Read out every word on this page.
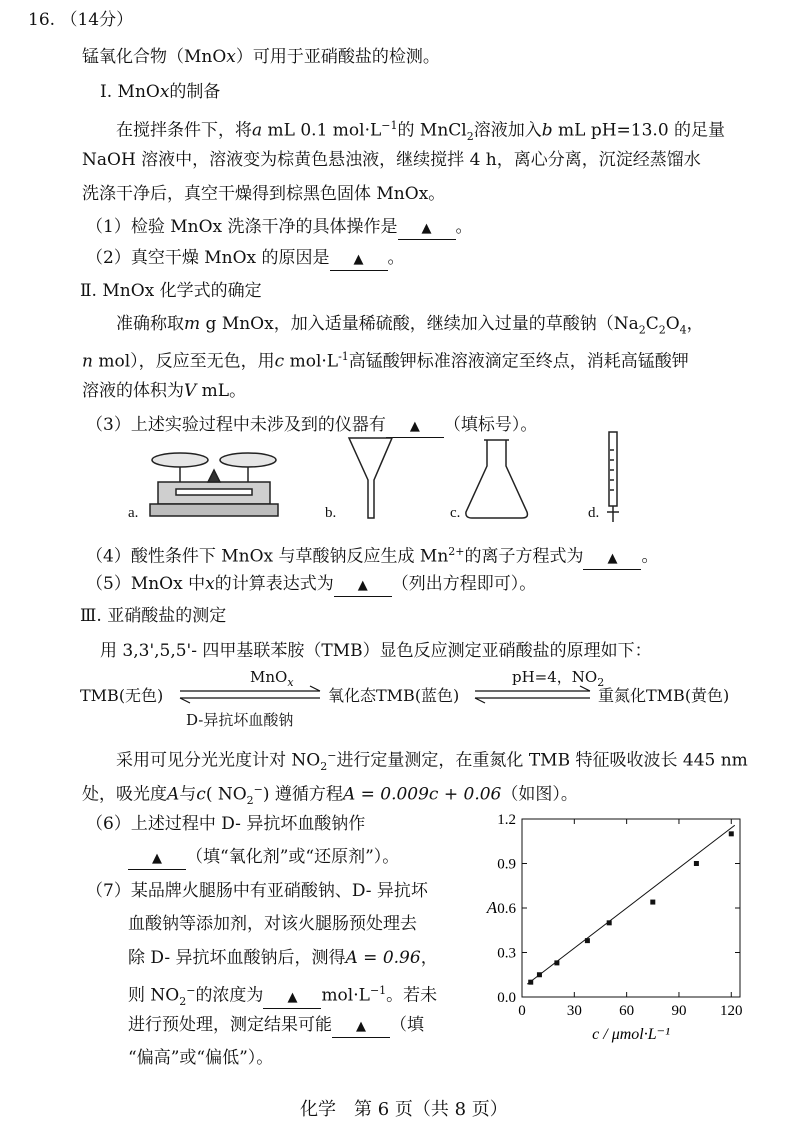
16. （14分）
锰氧化合物（MnOx）可用于亚硝酸盐的检测。
I. MnOx的制备
在搅拌条件下，将a mL 0.1 $mol\cdot L^{-1}$的 MnCl$_2$溶液加入b mL pH=13.0 的足量
NaOH 溶液中，溶液变为棕黄色悬浊液，继续搅拌 4 h，离心分离，沉淀经蒸馏水
洗涤干净后，真空干燥得到棕黑色固体 MnOx。
（1）检验 MnOx 洗涤干净的具体操作是 ▲ 。
（2）真空干燥 MnOx 的原因是 ▲ 。
Ⅱ. MnOx 化学式的确定
准确称取m g MnOx，加入适量稀硫酸，继续加入过量的草酸钠（$Na_2C_2O_4$，
n mol），反应至无色，用c $mol\cdot L^{-1}$高锰酸钾标准溶液滴定至终点，消耗高锰酸钾
溶液的体积为V mL。
（3）上述实验过程中未涉及到的仪器有 ▲ （填标号）。
a.	b.	c.	d.
（4）酸性条件下 MnOx 与草酸钠反应生成 $Mn^{2+}$的离子方程式为 ▲ 。
（5）MnOx 中x的计算表达式为 ▲ （列出方程即可）。
Ⅲ. 亚硝酸盐的测定
用 3,3',5,5'- 四甲基联苯胺（TMB）显色反应测定亚硝酸盐的原理如下：
TMB(无色)
MnO$_x$
D-异抗坏血酸钠
氧化态TMB(蓝色)
pH=4，$NO_2$
重氮化TMB(黄色)
采用可见分光光度计对 $NO_2^-$进行定量测定，在重氮化 TMB 特征吸收波长 445 nm
处，吸光度A与c( $NO_2^-$) 遵循方程A = 0.009c + 0.06（如图）。
（6）上述过程中 D- 异抗坏血酸钠作
▲ （填“氧化剂”或“还原剂”）。
（7）某品牌火腿肠中有亚硝酸钠、D- 异抗坏
血酸钠等添加剂，对该火腿肠预处理去
除 D- 异抗坏血酸钠后，测得A = 0.96，
则 $NO_2^-$的浓度为 ▲ $mol\cdot L^{-1}$。若未
进行预处理，测定结果可能 ▲ （填
“偏高”或“偏低”）。
0	30 60 90 120
0.0
0.3
0.6
0.9
1.2
c / μmol·L⁻¹
A
化学　第 6 页（共 8 页）
